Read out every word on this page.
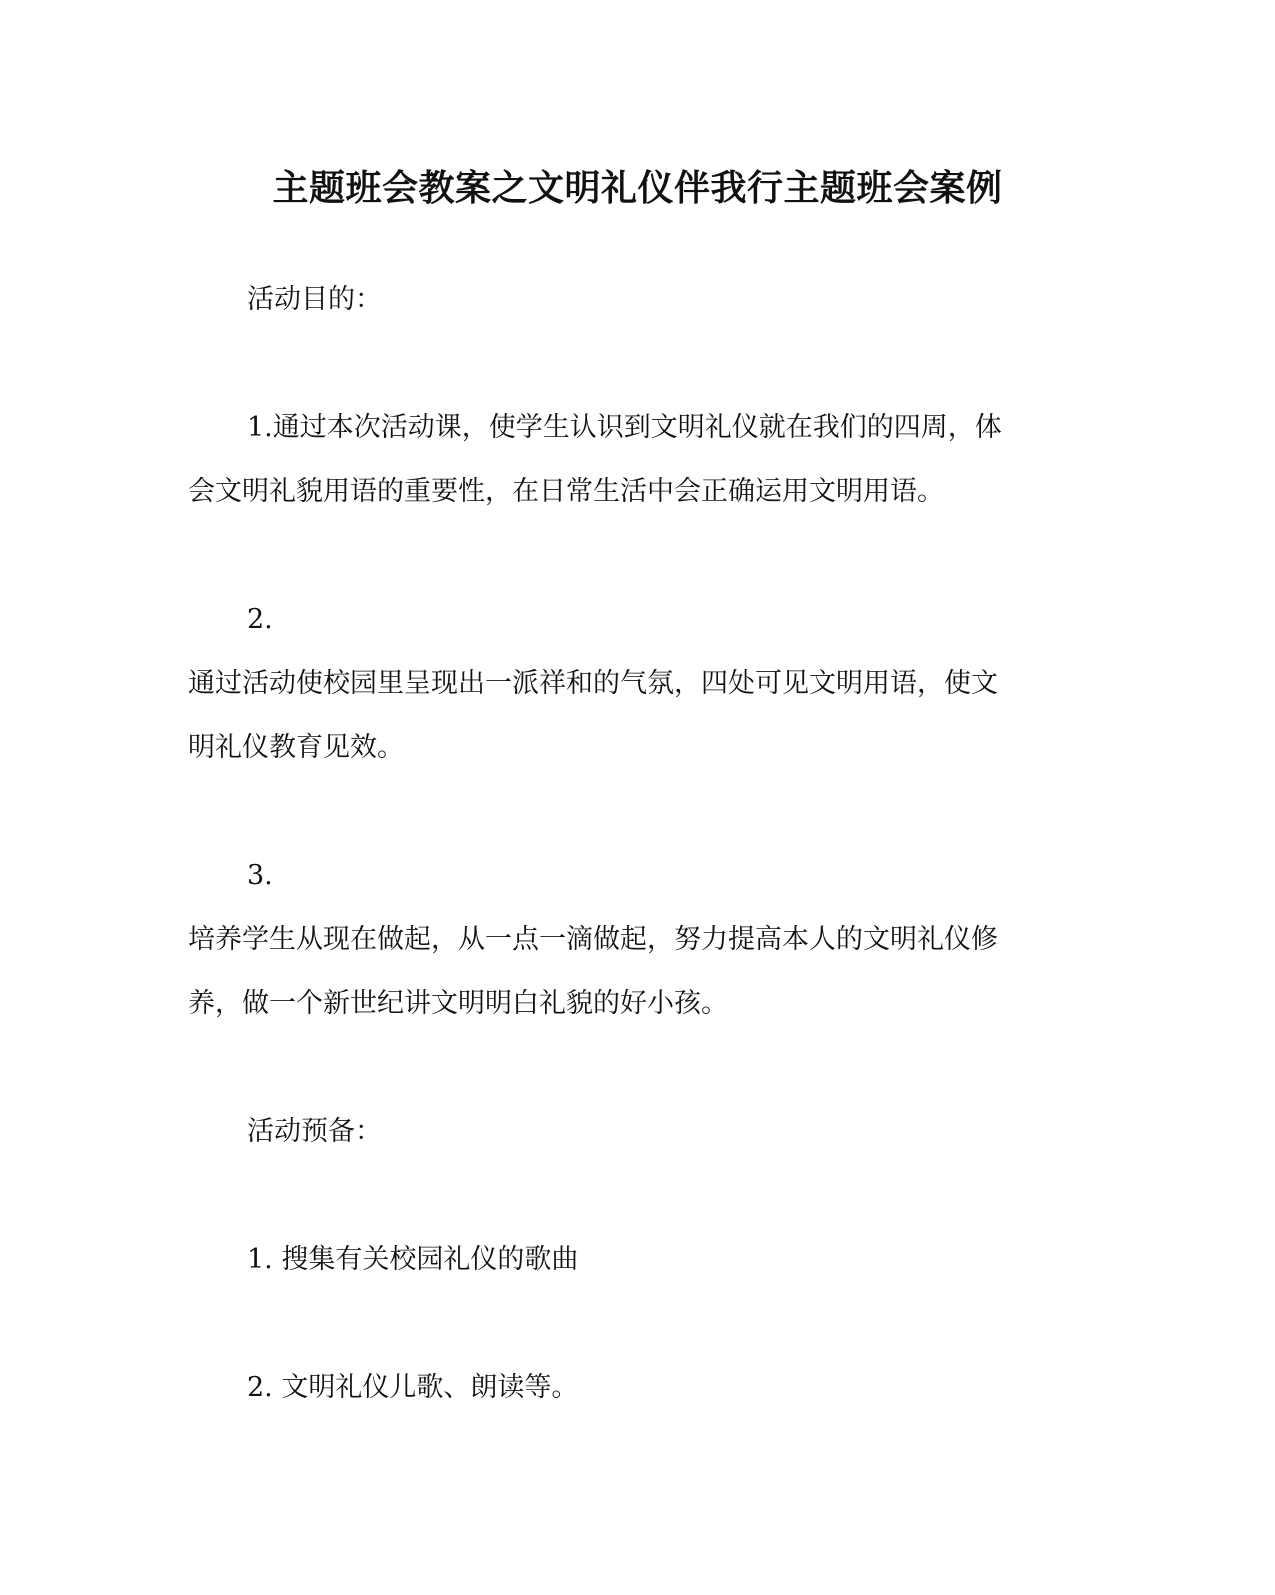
主题班会教案之文明礼仪伴我行主题班会案例
活动目的：
1.通过本次活动课，使学生认识到文明礼仪就在我们的四周，体
会文明礼貌用语的重要性，在日常生活中会正确运用文明用语。
2.
通过活动使校园里呈现出一派祥和的气氛，四处可见文明用语，使文
明礼仪教育见效。
3.
培养学生从现在做起，从一点一滴做起，努力提高本人的文明礼仪修
养，做一个新世纪讲文明明白礼貌的好小孩。
活动预备：
1. 搜集有关校园礼仪的歌曲
2. 文明礼仪儿歌、朗读等。
